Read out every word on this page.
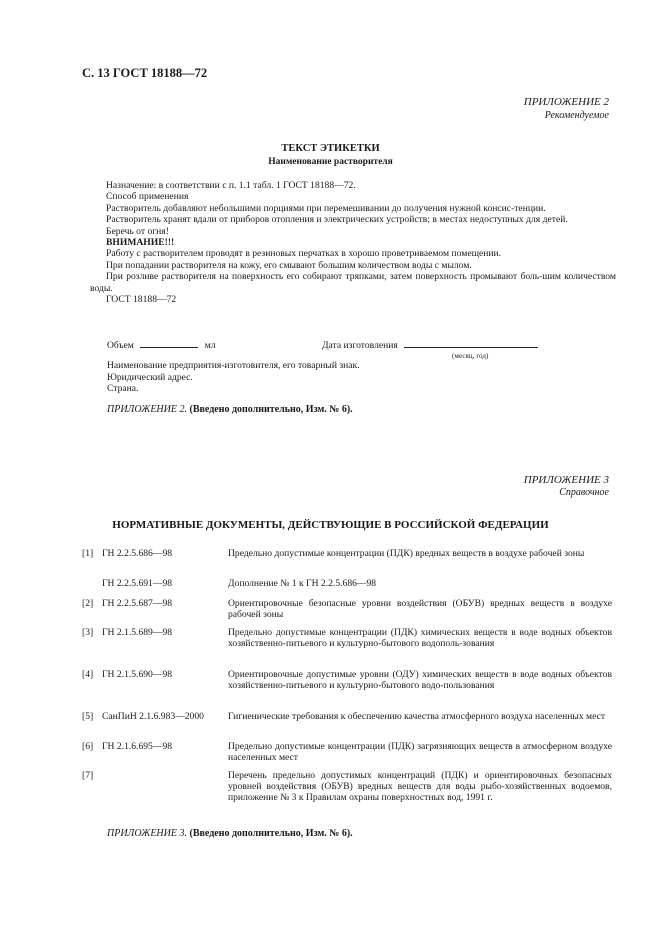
С. 13 ГОСТ 18188—72
ПРИЛОЖЕНИЕ 2
Рекомендуемое
ТЕКСТ ЭТИКЕТКИ
Наименование растворителя

Назначение: в соответствии с п. 1.1 табл. 1 ГОСТ 18188—72.

Способ применения

Растворитель добавляют небольшими порциями при перемешивании до получения нужной консис-тенции.

Растворитель хранят вдали от приборов отопления и электрических устройств; в местах недоступных для детей.

Беречь от огня!

ВНИМАНИЕ!!!

Работу с растворителем проводят в резиновых перчатках в хорошо проветриваемом помещении.

При попадании растворителя на кожу, его смывают большим количеством воды с мылом.

При розливе растворителя на поверхность его собирают тряпками, затем поверхность промывают боль-шим количеством воды.

ГОСТ 18188—72

Объем	мл	Дата изготовления
(месяц, год)
Наименование предприятия-изготовителя, его товарный знак.
Юридический адрес.
Страна.
ПРИЛОЖЕНИЕ 2. (Введено дополнительно, Изм. № 6).
ПРИЛОЖЕНИЕ 3
Справочное
НОРМАТИВНЫЕ ДОКУМЕНТЫ, ДЕЙСТВУЮЩИЕ В РОССИЙСКОЙ ФЕДЕРАЦИИ
[1] ГН 2.2.5.686—98	Предельно допустимые концентрации (ПДК) вредных веществ в воздухе рабочей зоны
ГН 2.2.5.691—98	Дополнение № 1 к ГН 2.2.5.686—98
[2] ГН 2.2.5.687—98	Ориентировочные безопасные уровни воздействия (ОБУВ) вредных веществ в воздухе рабочей зоны
[3] ГН 2.1.5.689—98	Предельно допустимые концентрации (ПДК) химических веществ в воде водных объектов хозяйственно-питьевого и культурно-бытового водополь-зования
[4] ГН 2.1.5.690—98	Ориентировочные допустимые уровни (ОДУ) химических веществ в воде водных объектов хозяйственно-питьевого и культурно-бытового водо-пользования
[5] СанПиН 2.1.6.983—2000	Гигиенические требования к обеспечению качества атмосферного воздуха населенных мест
[6] ГН 2.1.6.695—98	Предельно допустимые концентрации (ПДК) загрязняющих веществ в атмосферном воздухе населенных мест
[7]	Перечень предельно допустимых концентраций (ПДК) и ориентировочных безопасных уровней воздействия (ОБУВ) вредных веществ для воды рыбо-хозяйственных водоемов, приложение № 3 к Правилам охраны поверхностных вод, 1991 г.
ПРИЛОЖЕНИЕ 3. (Введено дополнительно, Изм. № 6).
